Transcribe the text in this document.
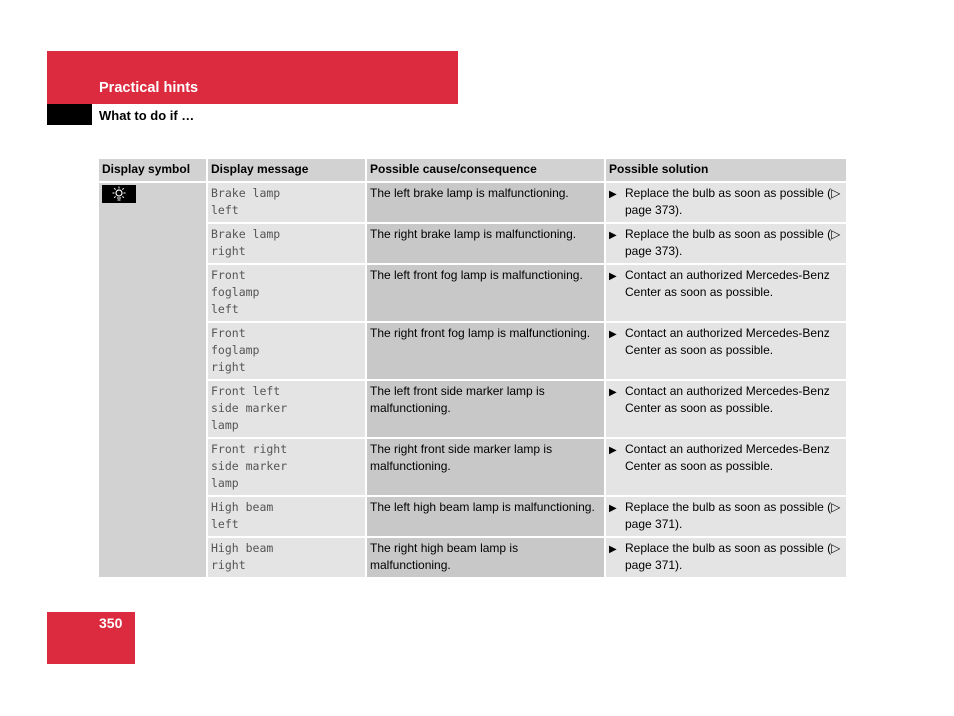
Practical hints
What to do if …
Display symbol	Display message	Possible cause/consequence	Possible solution

	Brake lamp
left	The left brake lamp is malfunctioning.	▶ Replace the bulb as soon as possible (▷ page 373).

	Brake lamp
right	The right brake lamp is malfunctioning.	▶ Replace the bulb as soon as possible (▷ page 373).

	Front
foglamp
left	The left front fog lamp is malfunctioning.	▶ Contact an authorized Mercedes-Benz Center as soon as possible.

	Front
foglamp
right	The right front fog lamp is malfunctioning.	▶ Contact an authorized Mercedes-Benz Center as soon as possible.

	Front left
side marker
lamp	The left front side marker lamp is malfunctioning.	▶ Contact an authorized Mercedes-Benz Center as soon as possible.

	Front right
side marker
lamp	The right front side marker lamp is malfunctioning.	▶ Contact an authorized Mercedes-Benz Center as soon as possible.

	High beam
left	The left high beam lamp is malfunctioning.	▶ Replace the bulb as soon as possible (▷ page 371).

	High beam
right	The right high beam lamp is malfunctioning.	▶ Replace the bulb as soon as possible (▷ page 371).
350
